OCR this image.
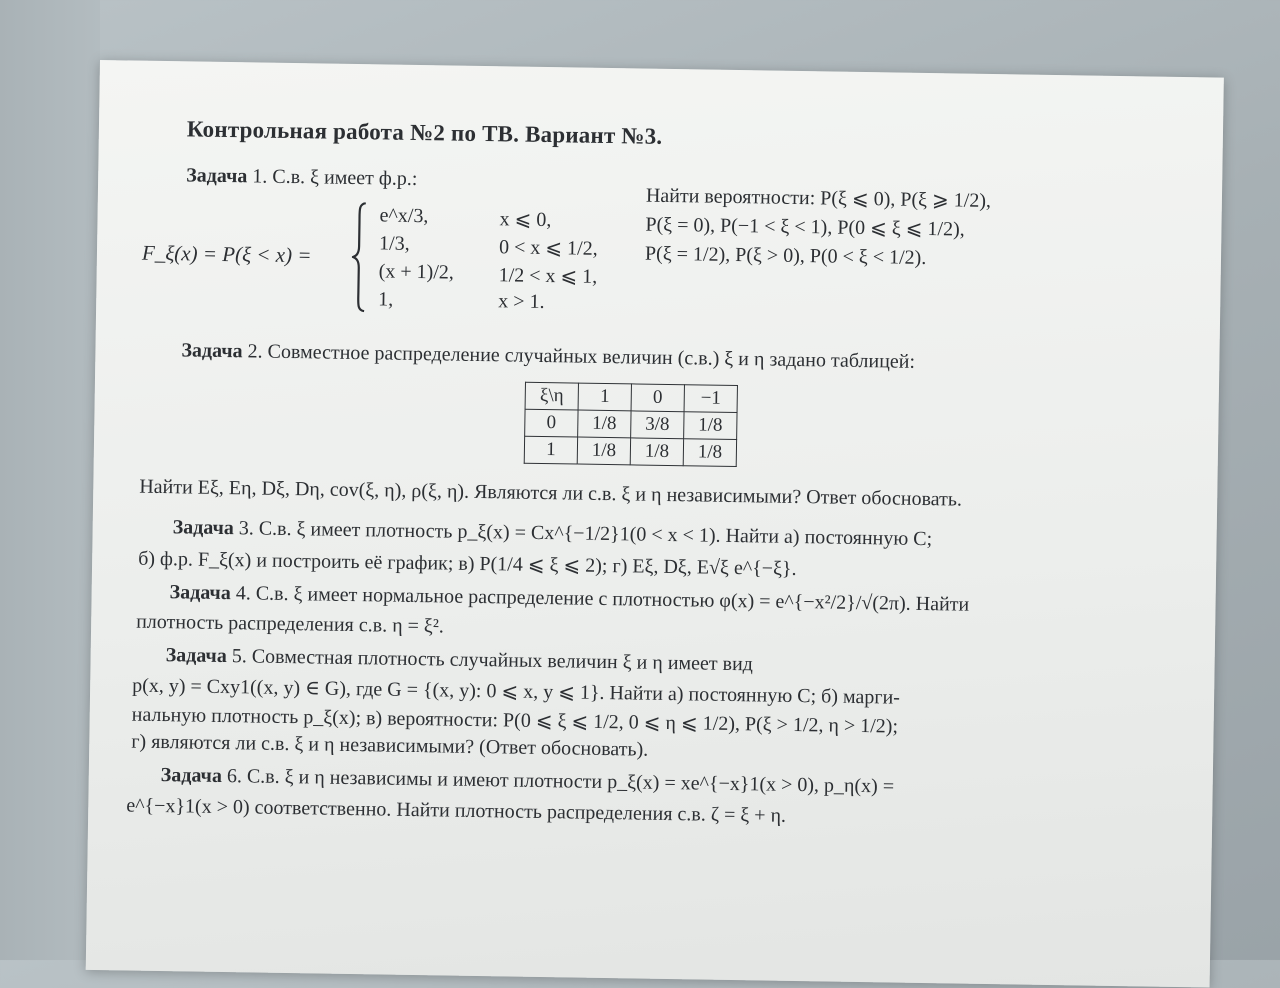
Контрольная работа №2 по ТВ. Вариант №3.
Задача 1. С.в. ξ имеет ф.р.:
F_ξ(x) = P(ξ < x) =
e^x/3,	x ⩽ 0,
1/3,	0 < x ⩽ 1/2,
(x + 1)/2, 1/2 < x ⩽ 1,
1,	x > 1.
Найти вероятности: P(ξ ⩽ 0), P(ξ ⩾ 1/2),
P(ξ = 0), P(−1 < ξ < 1), P(0 ⩽ ξ ⩽ 1/2),
P(ξ = 1/2), P(ξ > 0), P(0 < ξ < 1/2).
Задача 2. Совместное распределение случайных величин (с.в.) ξ и η задано таблицей:
ξ\η	1	0	−1
0	1/8	3/8	1/8
1	1/8	1/8	1/8
Найти Eξ, Eη, Dξ, Dη, cov(ξ, η), ρ(ξ, η). Являются ли с.в. ξ и η независимыми? Ответ обосновать.
Задача 3. С.в. ξ имеет плотность p_ξ(x) = Cx^{−1/2}1(0 < x < 1). Найти а) постоянную C;
б) ф.р. F_ξ(x) и построить её график; в) P(1/4 ⩽ ξ ⩽ 2); г) Eξ, Dξ, E√ξ e^{−ξ}.
Задача 4. С.в. ξ имеет нормальное распределение с плотностью φ(x) = e^{−x²/2}/√(2π). Найти
плотность распределения с.в. η = ξ².
Задача 5. Совместная плотность случайных величин ξ и η имеет вид
p(x, y) = Cxy1((x, y) ∈ G), где G = {(x, y): 0 ⩽ x, y ⩽ 1}. Найти а) постоянную C; б) марги-
нальную плотность p_ξ(x); в) вероятности: P(0 ⩽ ξ ⩽ 1/2, 0 ⩽ η ⩽ 1/2), P(ξ > 1/2, η > 1/2);
г) являются ли с.в. ξ и η независимыми? (Ответ обосновать).
Задача 6. С.в. ξ и η независимы и имеют плотности p_ξ(x) = xe^{−x}1(x > 0), p_η(x) =
e^{−x}1(x > 0) соответственно. Найти плотность распределения с.в. ζ = ξ + η.
